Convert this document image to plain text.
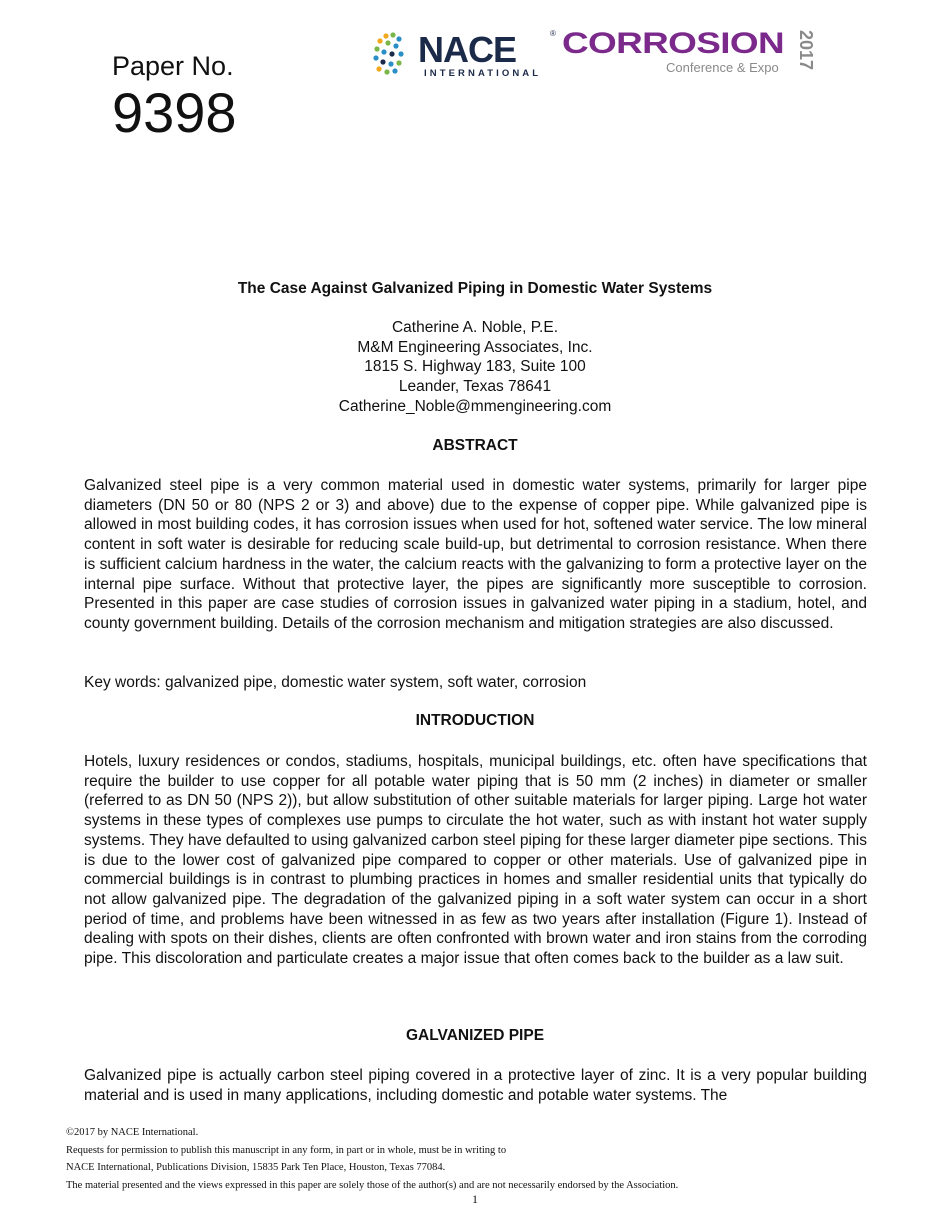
Paper No.
9398
NACE	®
INTERNATIONAL
CORROSION
Conference & Expo 2017
The Case Against Galvanized Piping in Domestic Water Systems
Catherine A. Noble, P.E.
M&M Engineering Associates, Inc.
1815 S. Highway 183, Suite 100
Leander, Texas 78641
Catherine_Noble@mmengineering.com
ABSTRACT

Galvanized steel pipe is a very common material used in domestic water systems, primarily for larger pipe diameters (DN 50 or 80 (NPS 2 or 3) and above) due to the expense of copper pipe. While galvanized pipe is allowed in most building codes, it has corrosion issues when used for hot, softened water service. The low mineral content in soft water is desirable for reducing scale build-up, but detrimental to corrosion resistance. When there is sufficient calcium hardness in the water, the calcium reacts with the galvanizing to form a protective layer on the internal pipe surface. Without that protective layer, the pipes are significantly more susceptible to corrosion. Presented in this paper are case studies of corrosion issues in galvanized water piping in a stadium, hotel, and county government building. Details of the corrosion mechanism and mitigation strategies are also discussed.

Key words: galvanized pipe, domestic water system, soft water, corrosion

INTRODUCTION

Hotels, luxury residences or condos, stadiums, hospitals, municipal buildings, etc. often have specifications that require the builder to use copper for all potable water piping that is 50 mm (2 inches) in diameter or smaller (referred to as DN 50 (NPS 2)), but allow substitution of other suitable materials for larger piping. Large hot water systems in these types of complexes use pumps to circulate the hot water, such as with instant hot water supply systems. They have defaulted to using galvanized carbon steel piping for these larger diameter pipe sections. This is due to the lower cost of galvanized pipe compared to copper or other materials. Use of galvanized pipe in commercial buildings is in contrast to plumbing practices in homes and smaller residential units that typically do not allow galvanized pipe. The degradation of the galvanized piping in a soft water system can occur in a short period of time, and problems have been witnessed in as few as two years after installation (Figure 1). Instead of dealing with spots on their dishes, clients are often confronted with brown water and iron stains from the corroding pipe. This discoloration and particulate creates a major issue that often comes back to the builder as a law suit.

GALVANIZED PIPE

Galvanized pipe is actually carbon steel piping covered in a protective layer of zinc. It is a very popular building material and is used in many applications, including domestic and potable water systems. The

©2017 by NACE International.
Requests for permission to publish this manuscript in any form, in part or in whole, must be in writing to
NACE International, Publications Division, 15835 Park Ten Place, Houston, Texas 77084.
The material presented and the views expressed in this paper are solely those of the author(s) and are not necessarily endorsed by the Association.
1
